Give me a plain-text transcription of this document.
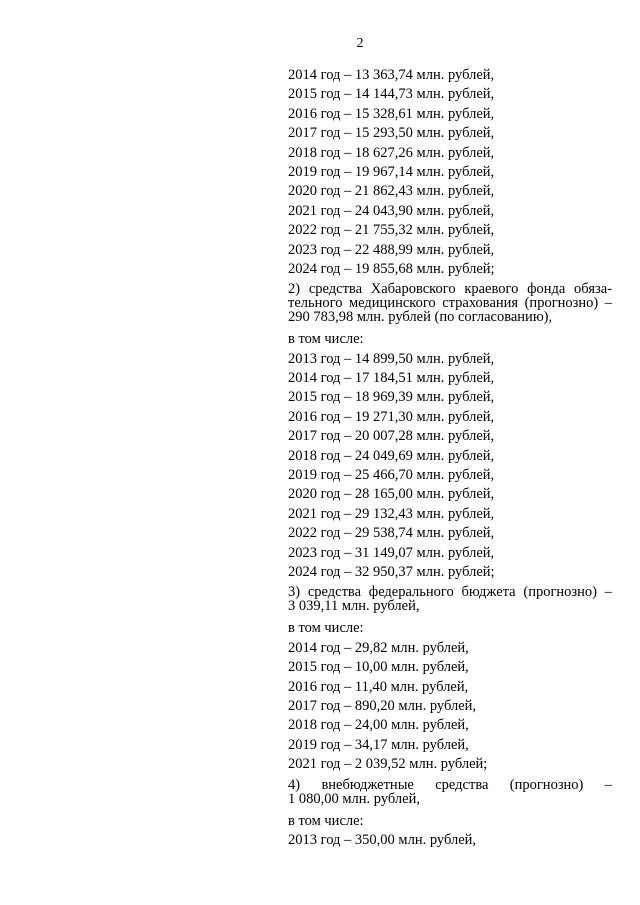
2
2014 год – 13 363,74 млн. рублей,
2015 год – 14 144,73 млн. рублей,
2016 год – 15 328,61 млн. рублей,
2017 год – 15 293,50 млн. рублей,
2018 год – 18 627,26 млн. рублей,
2019 год – 19 967,14 млн. рублей,
2020 год – 21 862,43 млн. рублей,
2021 год – 24 043,90 млн. рублей,
2022 год – 21 755,32 млн. рублей,
2023 год – 22 488,99 млн. рублей,
2024 год – 19 855,68 млн. рублей;
2) средства Хабаровского краевого фонда обяза-
тельного медицинского страхования (прогнозно) –
290 783,98 млн. рублей (по согласованию),
в том числе:
2013 год – 14 899,50 млн. рублей,
2014 год – 17 184,51 млн. рублей,
2015 год – 18 969,39 млн. рублей,
2016 год – 19 271,30 млн. рублей,
2017 год – 20 007,28 млн. рублей,
2018 год – 24 049,69 млн. рублей,
2019 год – 25 466,70 млн. рублей,
2020 год – 28 165,00 млн. рублей,
2021 год – 29 132,43 млн. рублей,
2022 год – 29 538,74 млн. рублей,
2023 год – 31 149,07 млн. рублей,
2024 год – 32 950,37 млн. рублей;
3) средства федерального бюджета (прогнозно) –
3 039,11 млн. рублей,
в том числе:
2014 год – 29,82 млн. рублей,
2015 год – 10,00 млн. рублей,
2016 год – 11,40 млн. рублей,
2017 год – 890,20 млн. рублей,
2018 год – 24,00 млн. рублей,
2019 год – 34,17 млн. рублей,
2021 год – 2 039,52 млн. рублей;
4) внебюджетные средства (прогнозно) –
1 080,00 млн. рублей,
в том числе:
2013 год – 350,00 млн. рублей,
